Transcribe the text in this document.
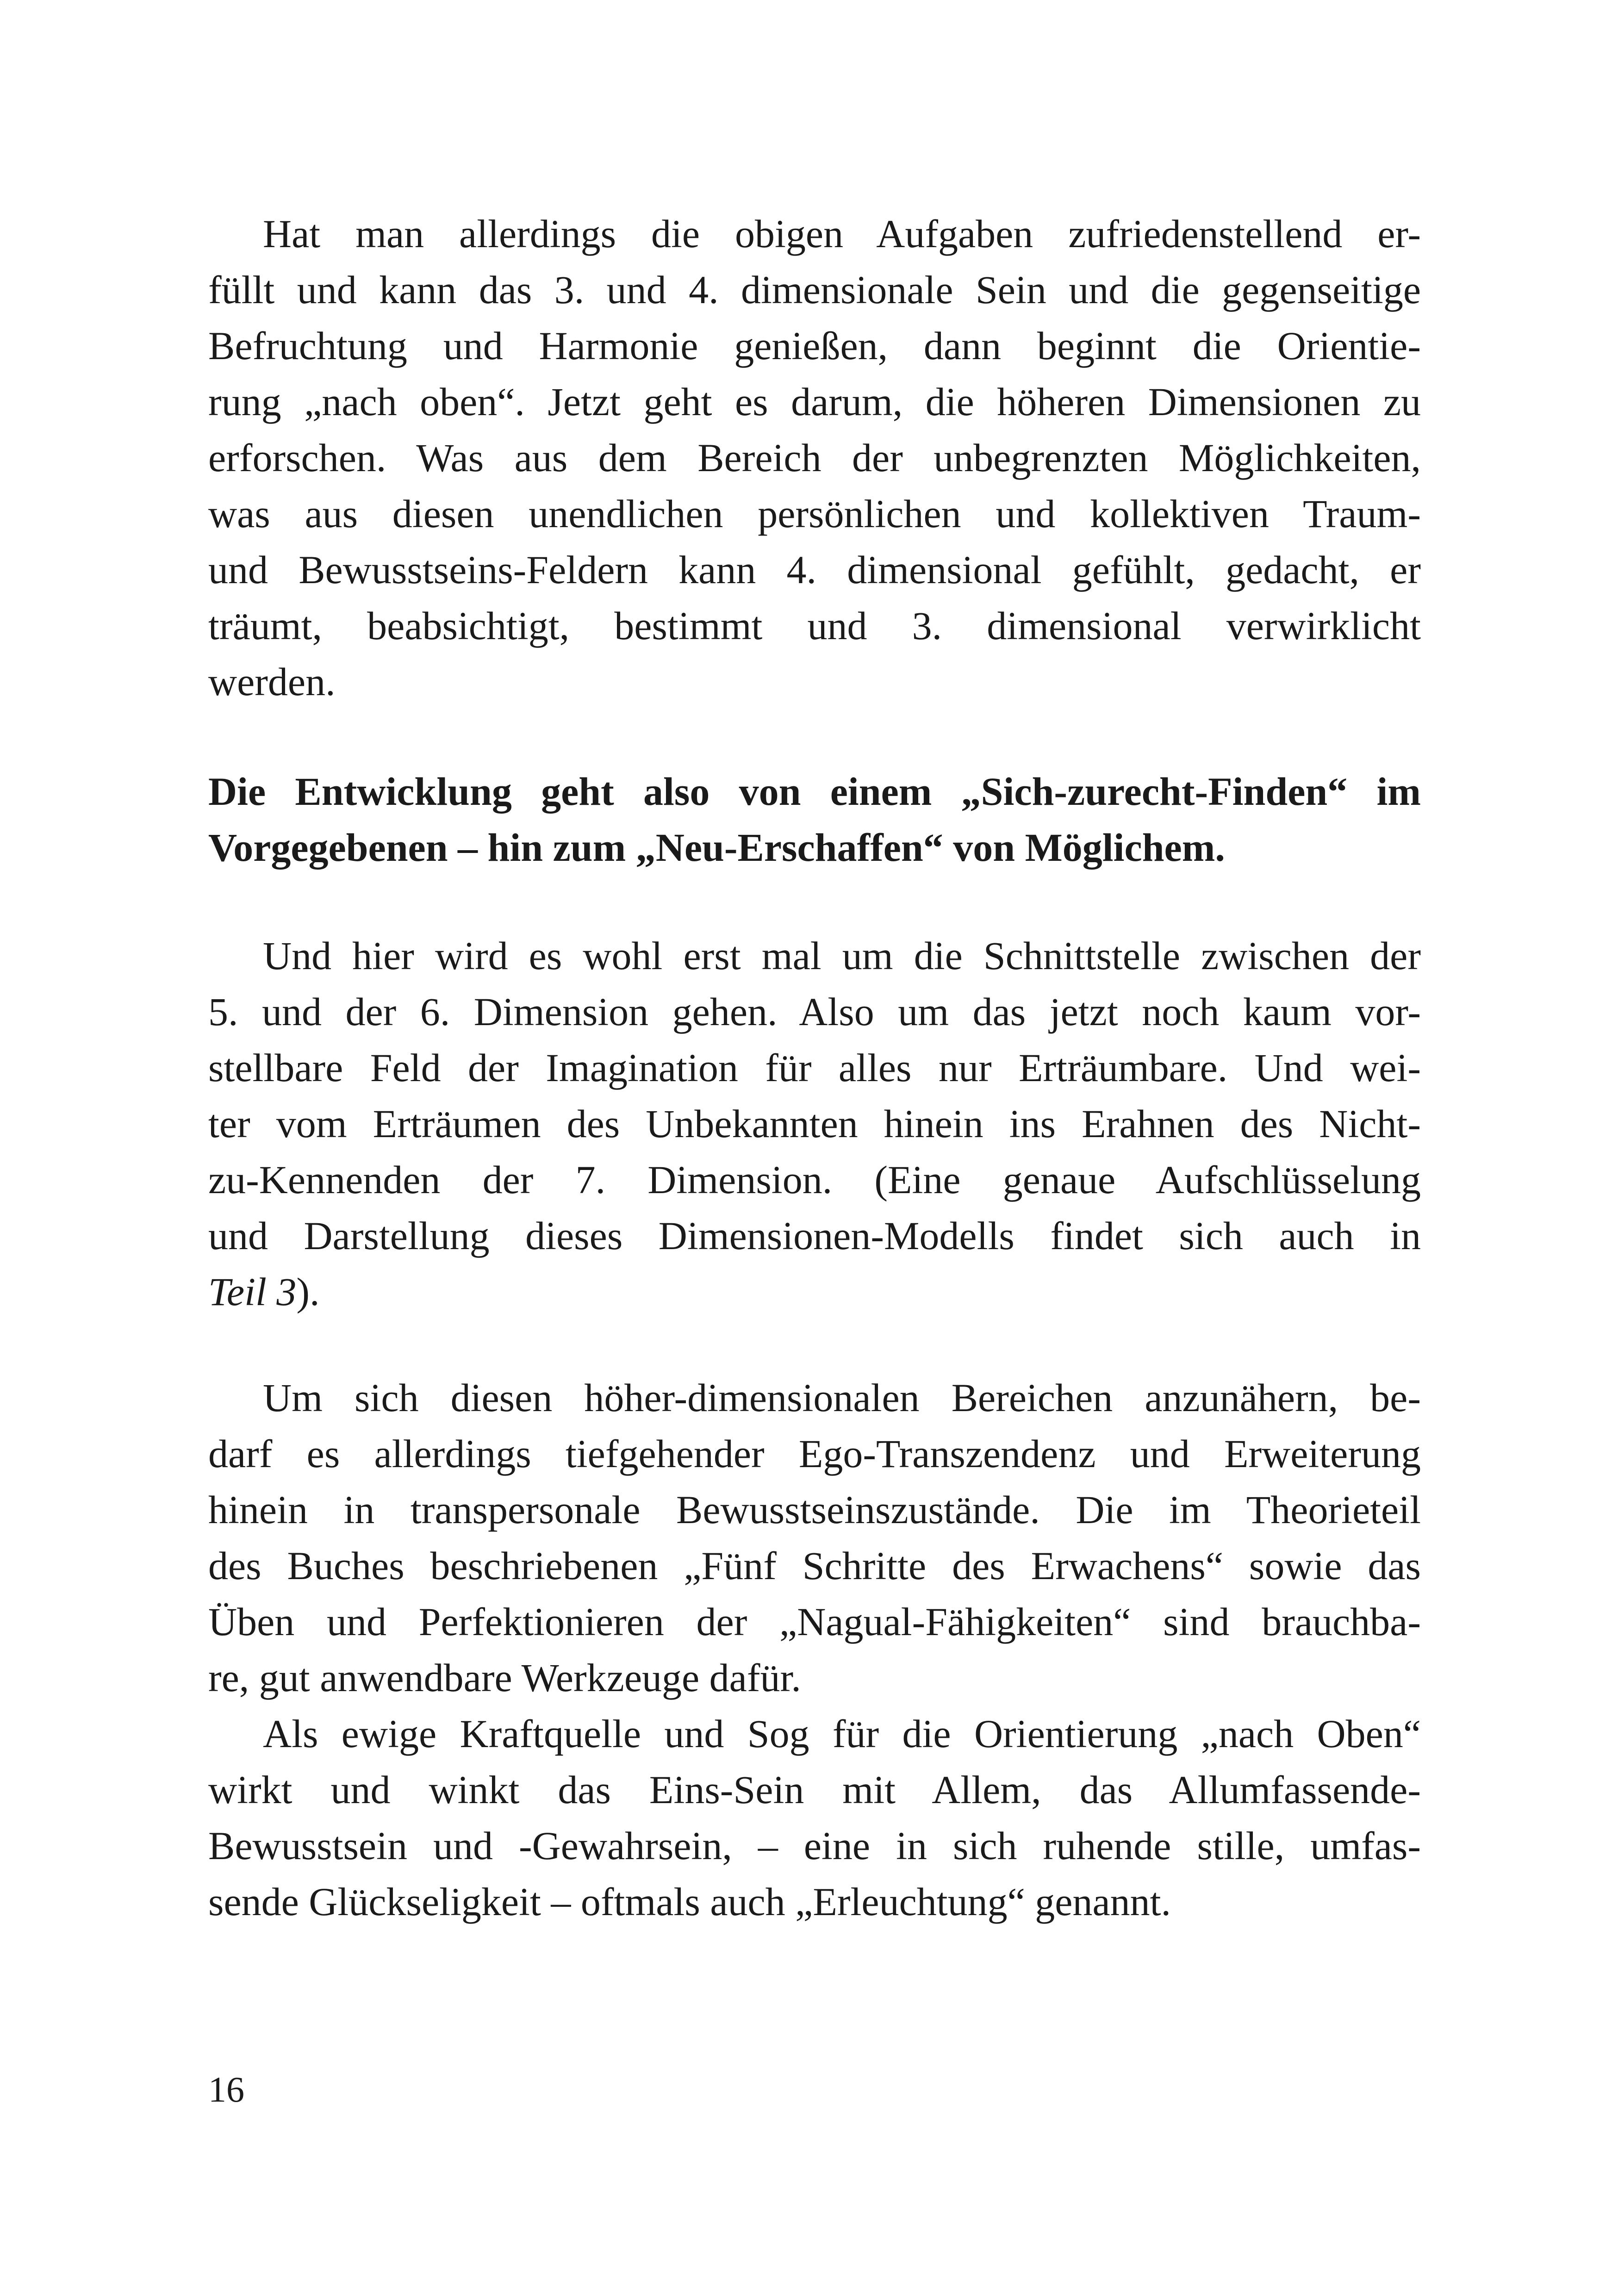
Hat man allerdings die obigen Aufgaben zufriedenstellend er-
füllt und kann das 3. und 4. dimensionale Sein und die gegenseitige
Befruchtung und Harmonie genießen, dann beginnt die Orientie-
rung „nach oben“. Jetzt geht es darum, die höheren Dimensionen zu
erforschen. Was aus dem Bereich der unbegrenzten Möglichkeiten,
was aus diesen unendlichen persönlichen und kollektiven Traum-
und Bewusstseins-Feldern kann 4. dimensional gefühlt, gedacht, er
träumt, beabsichtigt, bestimmt und 3. dimensional verwirklicht
werden.
Die Entwicklung geht also von einem „Sich-zurecht-Finden“ im
Vorgegebenen – hin zum „Neu-Erschaffen“ von Möglichem.
Und hier wird es wohl erst mal um die Schnittstelle zwischen der
5. und der 6. Dimension gehen. Also um das jetzt noch kaum vor-
stellbare Feld der Imagination für alles nur Erträumbare. Und wei-
ter vom Erträumen des Unbekannten hinein ins Erahnen des Nicht-
zu-Kennenden der 7. Dimension. (Eine genaue Aufschlüsselung
und Darstellung dieses Dimensionen-Modells findet sich auch in
Teil 3).
Um sich diesen höher-dimensionalen Bereichen anzunähern, be-
darf es allerdings tiefgehender Ego-Transzendenz und Erweiterung
hinein in transpersonale Bewusstseinszustände. Die im Theorieteil
des Buches beschriebenen „Fünf Schritte des Erwachens“ sowie das
Üben und Perfektionieren der „Nagual-Fähigkeiten“ sind brauchba-
re, gut anwendbare Werkzeuge dafür.
Als ewige Kraftquelle und Sog für die Orientierung „nach Oben“
wirkt und winkt das Eins-Sein mit Allem, das Allumfassende-
Bewusstsein und -Gewahrsein, – eine in sich ruhende stille, umfas-
sende Glückseligkeit – oftmals auch „Erleuchtung“ genannt.
16
